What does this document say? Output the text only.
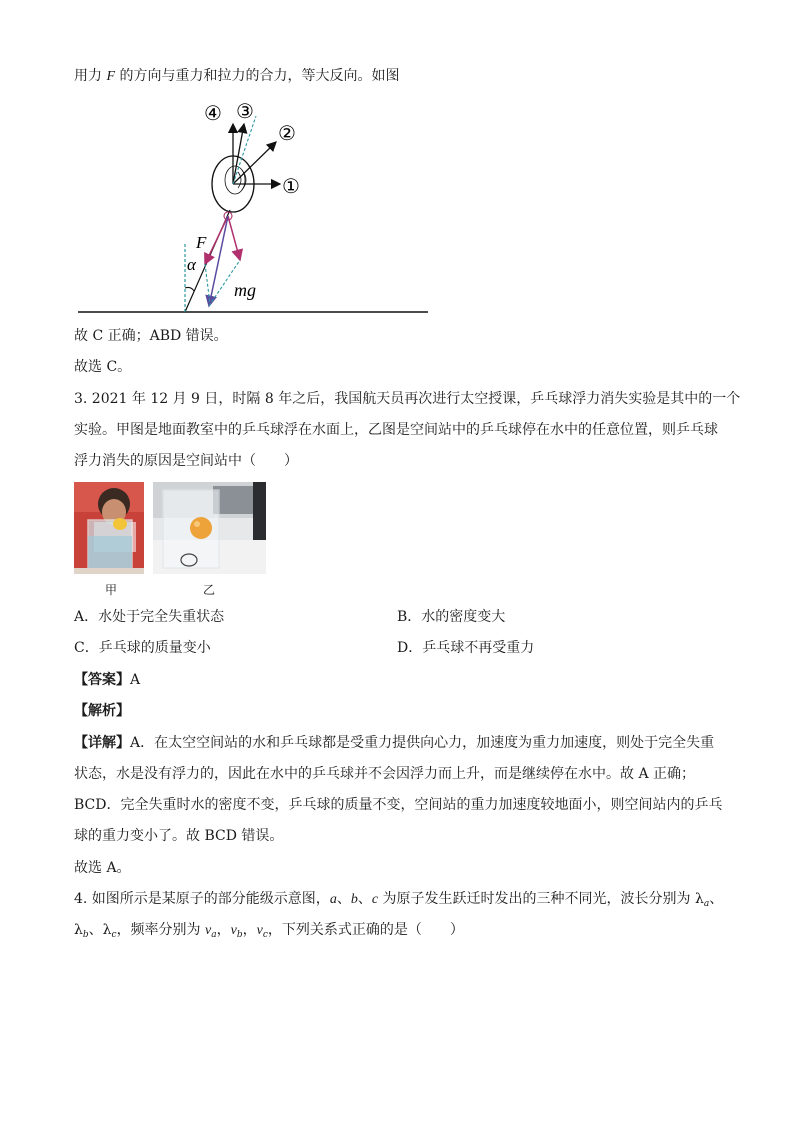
用力 F 的方向与重力和拉力的合力，等大反向。如图
①
②
③
④
F
α
mg
故 C 正确；ABD 错误。
故选 C。
3. 2021 年 12 月 9 日，时隔 8 年之后，我国航天员再次进行太空授课，乒乓球浮力消失实验是其中的一个
实验。甲图是地面教室中的乒乓球浮在水面上，乙图是空间站中的乒乓球停在水中的任意位置，则乒乓球
浮力消失的原因是空间站中（　　）
甲	乙
A．水处于完全失重状态	B．水的密度变大
C．乒乓球的质量变小	D．乒乓球不再受重力
【答案】A
【解析】
【详解】A．在太空空间站的水和乒乓球都是受重力提供向心力，加速度为重力加速度，则处于完全失重
状态，水是没有浮力的，因此在水中的乒乓球并不会因浮力而上升，而是继续停在水中。故 A 正确；
BCD．完全失重时水的密度不变，乒乓球的质量不变，空间站的重力加速度较地面小，则空间站内的乒乓
球的重力变小了。故 BCD 错误。
故选 A。
4. 如图所示是某原子的部分能级示意图，a、b、c 为原子发生跃迁时发出的三种不同光，波长分别为 $\lambda_a$、
$\lambda_b$、$\lambda_c$，频率分别为 $\nu_a$，$\nu_b$，$\nu_c$，下列关系式正确的是（　　）
